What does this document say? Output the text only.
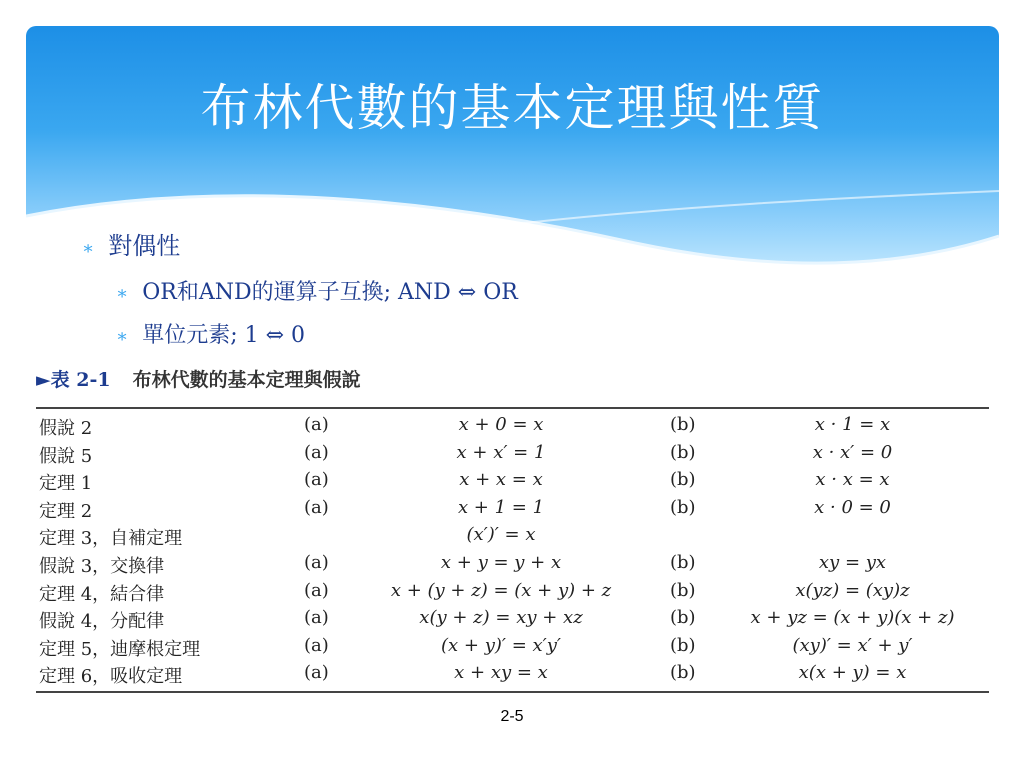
布林代數的基本定理與性質
∗ 對偶性
∗ OR和AND的運算子互換; AND ⇔ OR
∗ 單位元素; 1 ⇔ 0
►表 2-1 布林代數的基本定理與假說
假說 2	(a)	x + 0 = x	(b)	x · 1 = x
假說 5	(a)	x + x′ = 1	(b)	x · x′ = 0
定理 1	(a)	x + x = x	(b)	x · x = x
定理 2	(a)	x + 1 = 1	(b)	x · 0 = 0
定理 3，自補定理	(x′)′ = x
假說 3，交換律	(a)	x + y = y + x	(b)	xy = yx
定理 4，結合律	(a)	x + (y + z) = (x + y) + z	(b)	x(yz) = (xy)z
假說 4，分配律	(a)	x(y + z) = xy + xz	(b)	x + yz = (x + y)(x + z)
定理 5，迪摩根定理	(a)	(x + y)′ = x′y′	(b)	(xy)′ = x′ + y′
定理 6，吸收定理	(a)	x + xy = x	(b)	x(x + y) = x
2-5
